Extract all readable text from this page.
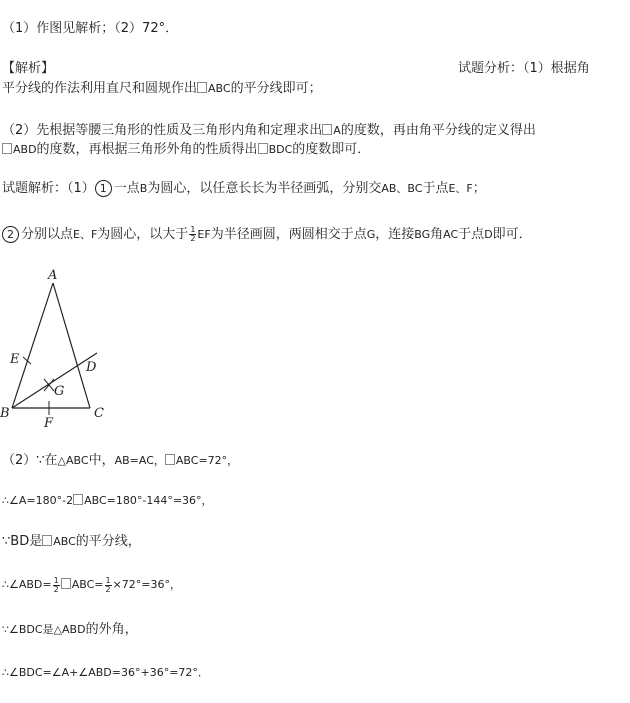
（1）作图见解析；（2）72°．
【解析】	试题分析：（1）根据角
平分线的作法利用直尺和圆规作出 ABC的平分线即可；
（2）先根据等腰三角形的性质及三角形内角和定理求出 A的度数，再由角平分线的定义得出
ABD的度数，再根据三角形外角的性质得出 BDC的度数即可．
试题解析：（1） 1 一点B为圆心，以任意长长为半径画弧，分别交AB、BC于点E、F；
2 分别以点E、F为圆心，以大于 $\frac{1}{2}$ EF为半径画圆，两圆相交于点G，连接BG角AC于点D即可．
A
E
D
G
B	C
F
（2）∵在△ABC中，AB=AC， ABC=72°，
∴∠A=180°-2 ABC=180°-144°=36°，
∵BD是 ABC的平分线，
∴∠ABD= $\frac{1}{2} ABC= \frac{1}{2} \times 72^\circ=36^\circ$，
∵∠BDC是△ABD的外角，
∴∠BDC=∠A+∠ABD=36°+36°=72°．
